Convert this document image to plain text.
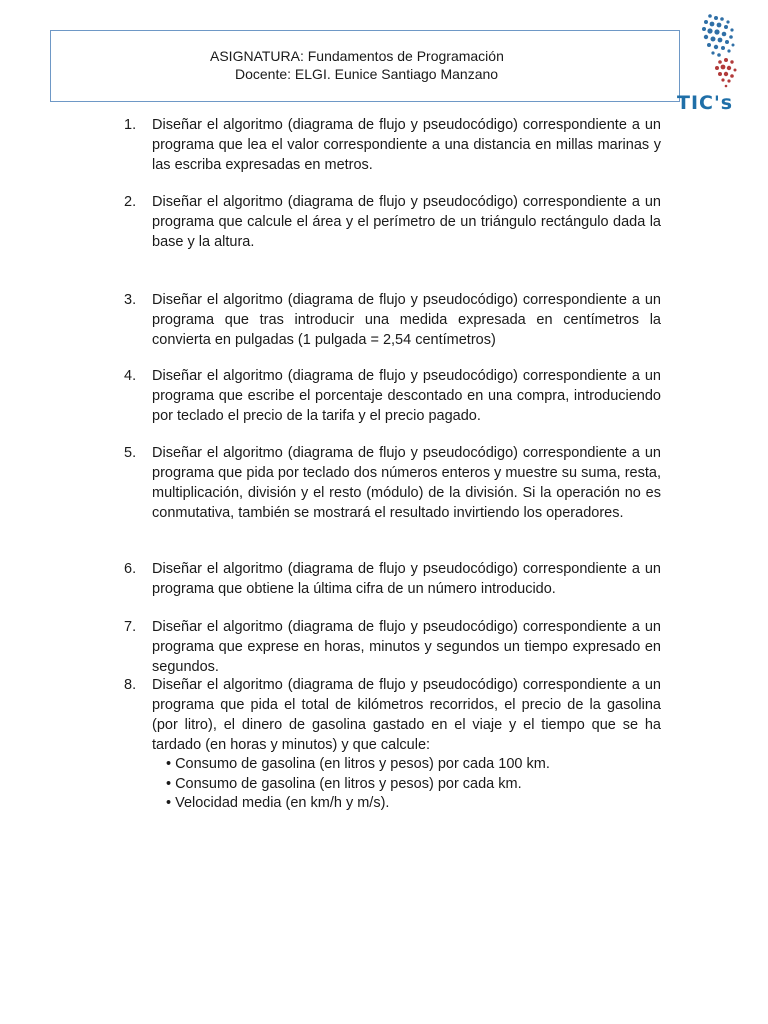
ASIGNATURA: Fundamentos de Programación
Docente: ELGI. Eunice Santiago Manzano
TIC's
1.	Diseñar el algoritmo (diagrama de flujo y pseudocódigo) correspondiente a un programa que lea el valor correspondiente a una distancia en millas marinas y las escriba expresadas en metros.
2.	Diseñar el algoritmo (diagrama de flujo y pseudocódigo) correspondiente a un programa que calcule el área y el perímetro de un triángulo rectángulo dada la base y la altura.
3.	Diseñar el algoritmo (diagrama de flujo y pseudocódigo) correspondiente a un programa que tras introducir una medida expresada en centímetros la convierta en pulgadas (1 pulgada = 2,54 centímetros)
4.	Diseñar el algoritmo (diagrama de flujo y pseudocódigo) correspondiente a un programa que escribe el porcentaje descontado en una compra, introduciendo por teclado el precio de la tarifa y el precio pagado.
5.	Diseñar el algoritmo (diagrama de flujo y pseudocódigo) correspondiente a un programa que pida por teclado dos números enteros y muestre su suma, resta, multiplicación, división y el resto (módulo) de la división. Si la operación no es conmutativa, también se mostrará el resultado invirtiendo los operadores.
6.	Diseñar el algoritmo (diagrama de flujo y pseudocódigo) correspondiente a un programa que obtiene la última cifra de un número introducido.
7.	Diseñar el algoritmo (diagrama de flujo y pseudocódigo) correspondiente a un programa que exprese en horas, minutos y segundos un tiempo expresado en segundos.
8.	Diseñar el algoritmo (diagrama de flujo y pseudocódigo) correspondiente a un programa que pida el total de kilómetros recorridos, el precio de la gasolina (por litro), el dinero de gasolina gastado en el viaje y el tiempo que se ha tardado (en horas y minutos) y que calcule:
• Consumo de gasolina (en litros y pesos) por cada 100 km.
• Consumo de gasolina (en litros y pesos) por cada km.
• Velocidad media (en km/h y m/s).
